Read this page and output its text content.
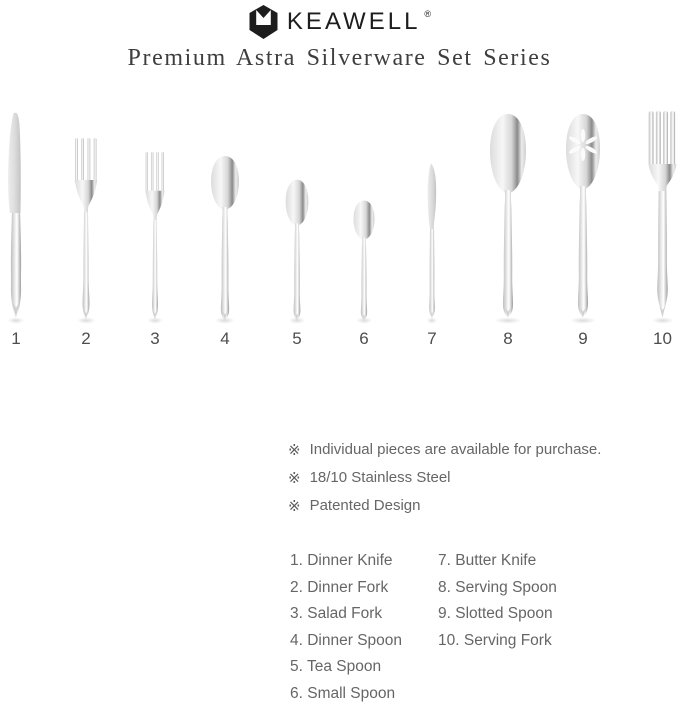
KEAWELL ®
Premium Astra Silverware Set Series
1	2	3	4	5	6	7	8	9	10
※ Individual pieces are available for purchase.
※ 18/10 Stainless Steel
※ Patented Design
1. Dinner Knife
2. Dinner Fork
3. Salad Fork
4. Dinner Spoon
5. Tea Spoon
6. Small Spoon
7. Butter Knife
8. Serving Spoon
9. Slotted Spoon
10. Serving Fork
